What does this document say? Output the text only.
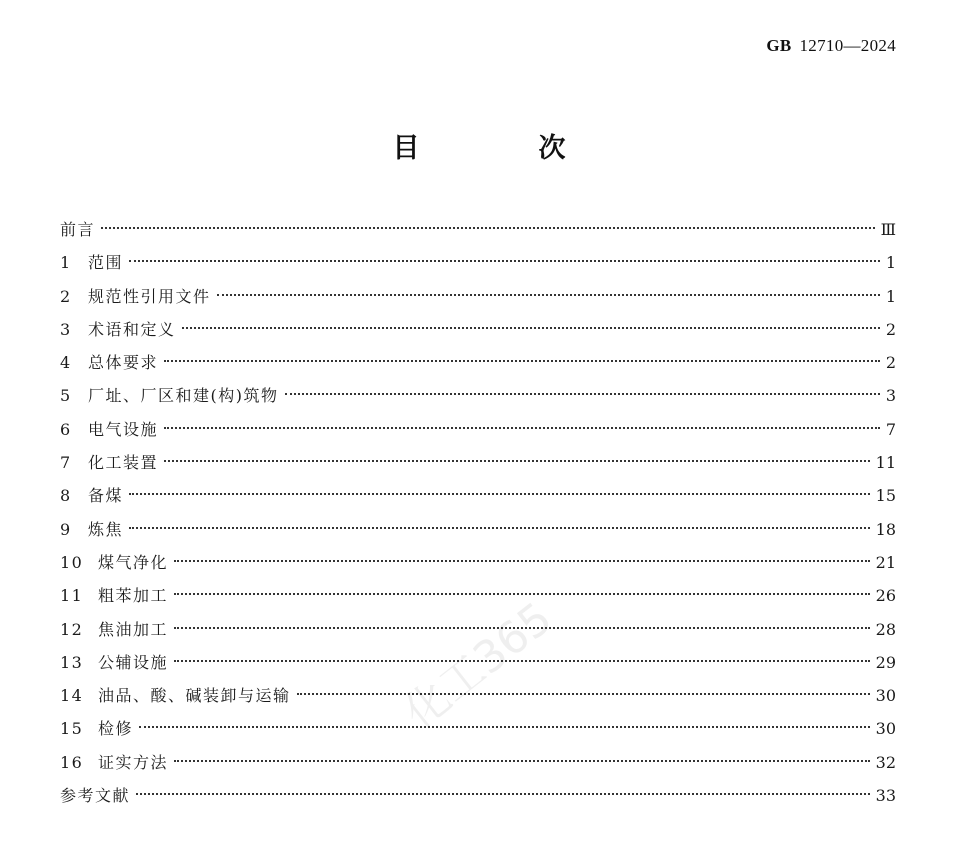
GB 12710—2024
目　次
前言	Ⅲ
1	范围	1
2	规范性引用文件	1
3	术语和定义	2
4	总体要求	2
5	厂址、厂区和建(构)筑物	3
6	电气设施	7
7	化工装置	11
8	备煤	15
9	炼焦	18
10 煤气净化	21
11 粗苯加工	26
12 焦油加工	28
13 公辅设施	29
14 油品、酸、碱装卸与运输	30
15 检修	30
16 证实方法	32
参考文献	33
化工365
